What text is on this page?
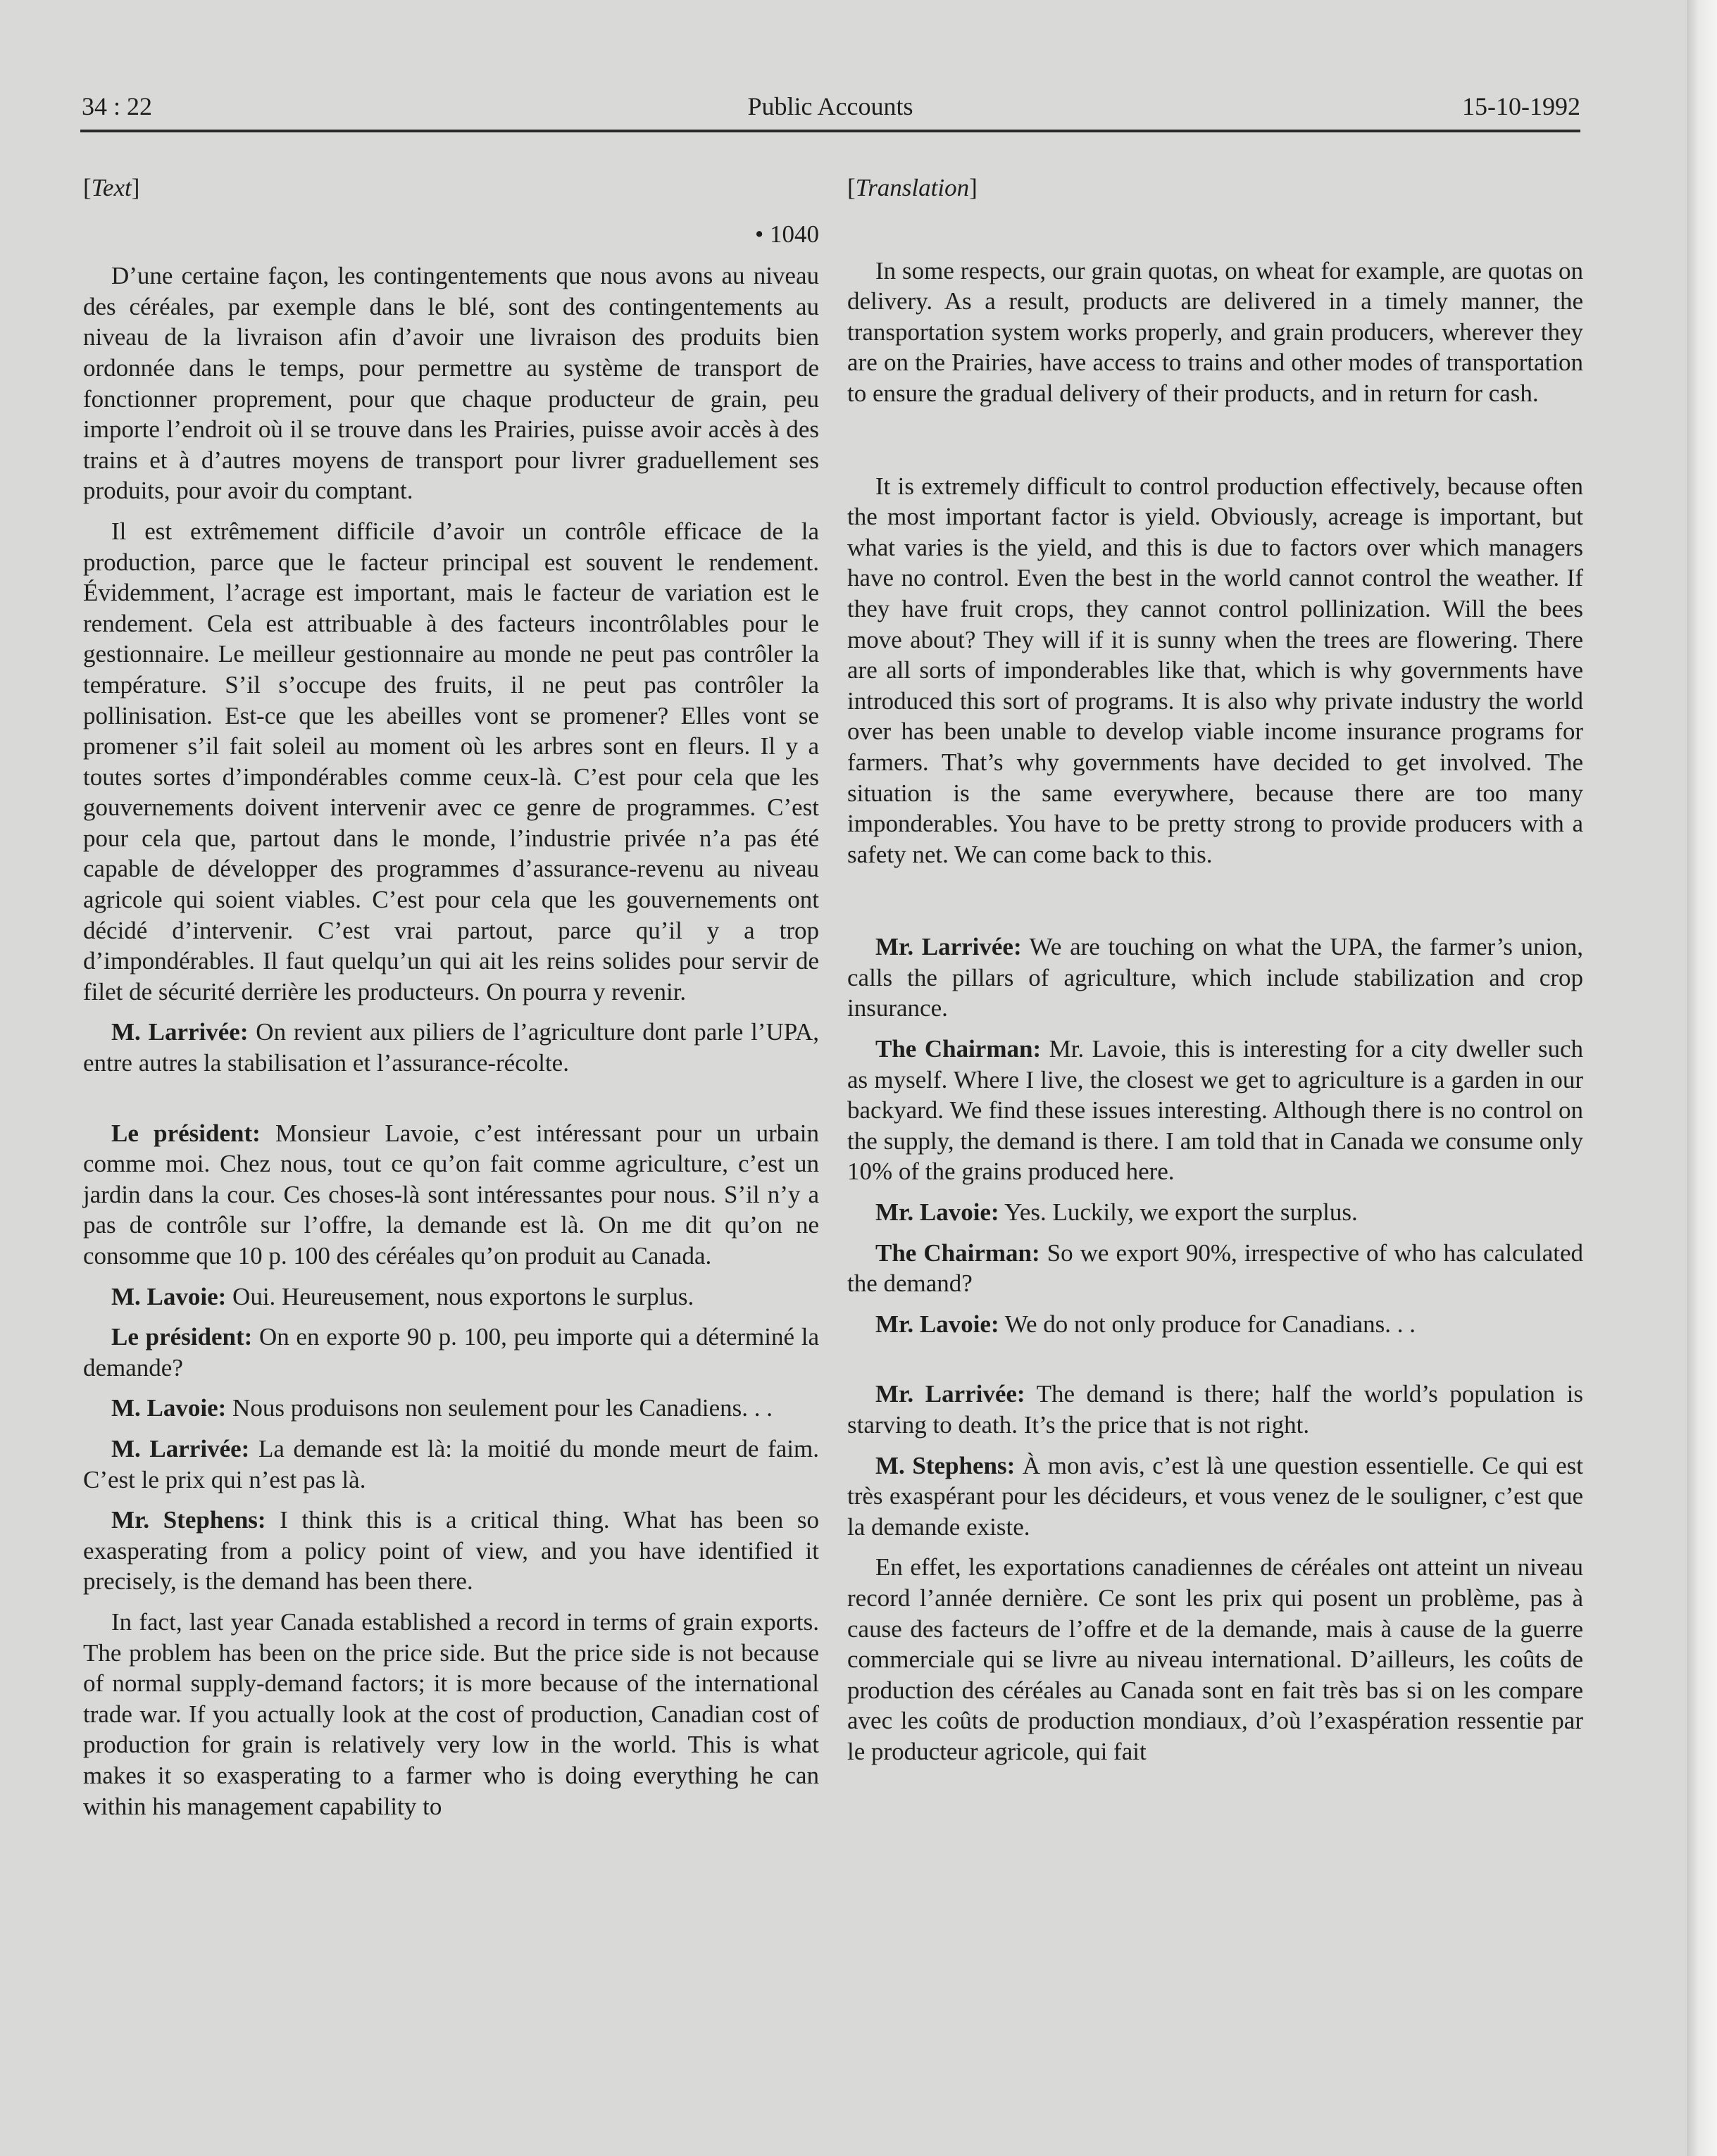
34 : 22	Public Accounts	15-10-1992
[Text]
• 1040

D’une certaine façon, les contingentements que nous avons au niveau des céréales, par exemple dans le blé, sont des contingentements au niveau de la livraison afin d’avoir une livraison des produits bien ordonnée dans le temps, pour permettre au système de transport de fonctionner proprement, pour que chaque producteur de grain, peu importe l’endroit où il se trouve dans les Prairies, puisse avoir accès à des trains et à d’autres moyens de transport pour livrer graduellement ses produits, pour avoir du comptant.

Il est extrêmement difficile d’avoir un contrôle efficace de la production, parce que le facteur principal est souvent le rendement. Évidemment, l’acrage est important, mais le facteur de variation est le rendement. Cela est attribuable à des facteurs incontrôlables pour le gestionnaire. Le meilleur gestionnaire au monde ne peut pas contrôler la température. S’il s’occupe des fruits, il ne peut pas contrôler la pollinisation. Est-ce que les abeilles vont se promener? Elles vont se promener s’il fait soleil au moment où les arbres sont en fleurs. Il y a toutes sortes d’impondérables comme ceux-là. C’est pour cela que les gouvernements doivent intervenir avec ce genre de programmes. C’est pour cela que, partout dans le monde, l’industrie privée n’a pas été capable de développer des programmes d’assurance-revenu au niveau agricole qui soient viables. C’est pour cela que les gouvernements ont décidé d’intervenir. C’est vrai partout, parce qu’il y a trop d’impondérables. Il faut quelqu’un qui ait les reins solides pour servir de filet de sécurité derrière les producteurs. On pourra y revenir.

M. Larrivée: On revient aux piliers de l’agriculture dont parle l’UPA, entre autres la stabilisation et l’assurance-récolte.

Le président: Monsieur Lavoie, c’est intéressant pour un urbain comme moi. Chez nous, tout ce qu’on fait comme agriculture, c’est un jardin dans la cour. Ces choses-là sont intéressantes pour nous. S’il n’y a pas de contrôle sur l’offre, la demande est là. On me dit qu’on ne consomme que 10 p. 100 des céréales qu’on produit au Canada.

M. Lavoie: Oui. Heureusement, nous exportons le surplus.

Le président: On en exporte 90 p. 100, peu importe qui a déterminé la demande?

M. Lavoie: Nous produisons non seulement pour les Canadiens. . .

M. Larrivée: La demande est là: la moitié du monde meurt de faim. C’est le prix qui n’est pas là.

Mr. Stephens: I think this is a critical thing. What has been so exasperating from a policy point of view, and you have identified it precisely, is the demand has been there.

In fact, last year Canada established a record in terms of grain exports. The problem has been on the price side. But the price side is not because of normal supply-demand factors; it is more because of the international trade war. If you actually look at the cost of production, Canadian cost of production for grain is relatively very low in the world. This is what makes it so exasperating to a farmer who is doing everything he can within his management capability to

[Translation]

In some respects, our grain quotas, on wheat for example, are quotas on delivery. As a result, products are delivered in a timely manner, the transportation system works properly, and grain producers, wherever they are on the Prairies, have access to trains and other modes of transportation to ensure the gradual delivery of their products, and in return for cash.

It is extremely difficult to control production effectively, because often the most important factor is yield. Obviously, acreage is important, but what varies is the yield, and this is due to factors over which managers have no control. Even the best in the world cannot control the weather. If they have fruit crops, they cannot control pollinization. Will the bees move about? They will if it is sunny when the trees are flowering. There are all sorts of imponderables like that, which is why governments have introduced this sort of programs. It is also why private industry the world over has been unable to develop viable income insurance programs for farmers. That’s why governments have decided to get involved. The situation is the same everywhere, because there are too many imponderables. You have to be pretty strong to provide producers with a safety net. We can come back to this.

Mr. Larrivée: We are touching on what the UPA, the farmer’s union, calls the pillars of agriculture, which include stabilization and crop insurance.

The Chairman: Mr. Lavoie, this is interesting for a city dweller such as myself. Where I live, the closest we get to agriculture is a garden in our backyard. We find these issues interesting. Although there is no control on the supply, the demand is there. I am told that in Canada we consume only 10% of the grains produced here.

Mr. Lavoie: Yes. Luckily, we export the surplus.

The Chairman: So we export 90%, irrespective of who has calculated the demand?

Mr. Lavoie: We do not only produce for Canadians. . .

Mr. Larrivée: The demand is there; half the world’s population is starving to death. It’s the price that is not right.

M. Stephens: À mon avis, c’est là une question essentielle. Ce qui est très exaspérant pour les décideurs, et vous venez de le souligner, c’est que la demande existe.

En effet, les exportations canadiennes de céréales ont atteint un niveau record l’année dernière. Ce sont les prix qui posent un problème, pas à cause des facteurs de l’offre et de la demande, mais à cause de la guerre commerciale qui se livre au niveau international. D’ailleurs, les coûts de production des céréales au Canada sont en fait très bas si on les compare avec les coûts de production mondiaux, d’où l’exaspération ressentie par le producteur agricole, qui fait
